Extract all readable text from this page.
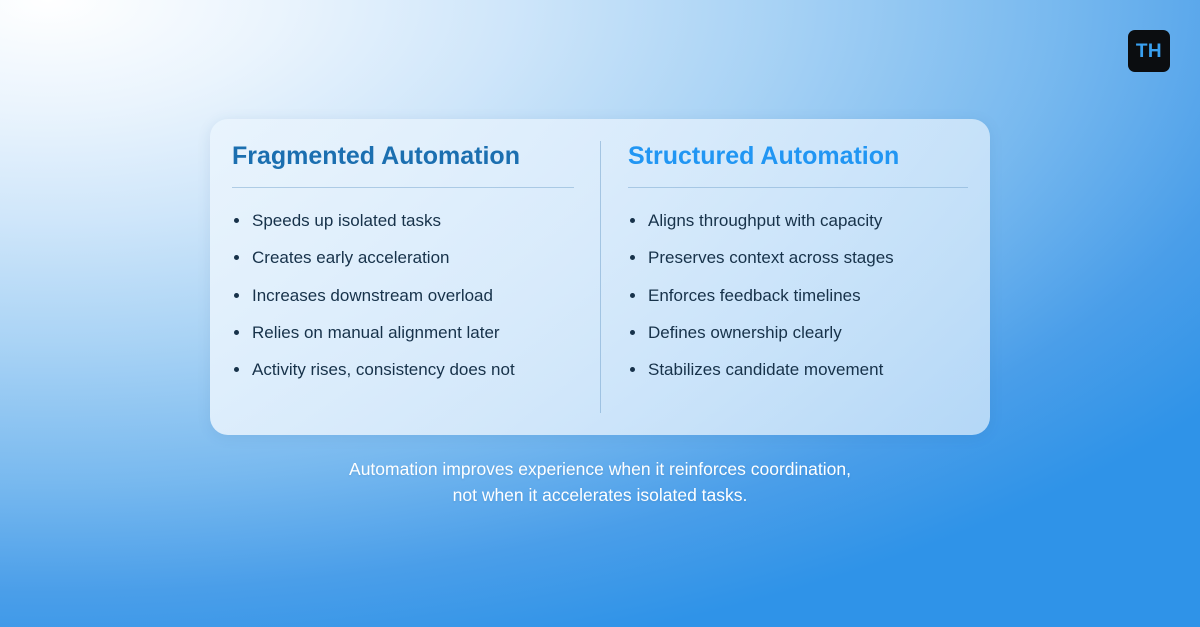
TH
Fragmented Automation
Speeds up isolated tasks
Creates early acceleration
Increases downstream overload
Relies on manual alignment later
Activity rises, consistency does not
Structured Automation
Aligns throughput with capacity
Preserves context across stages
Enforces feedback timelines
Defines ownership clearly
Stabilizes candidate movement
Automation improves experience when it reinforces coordination,
not when it accelerates isolated tasks.
